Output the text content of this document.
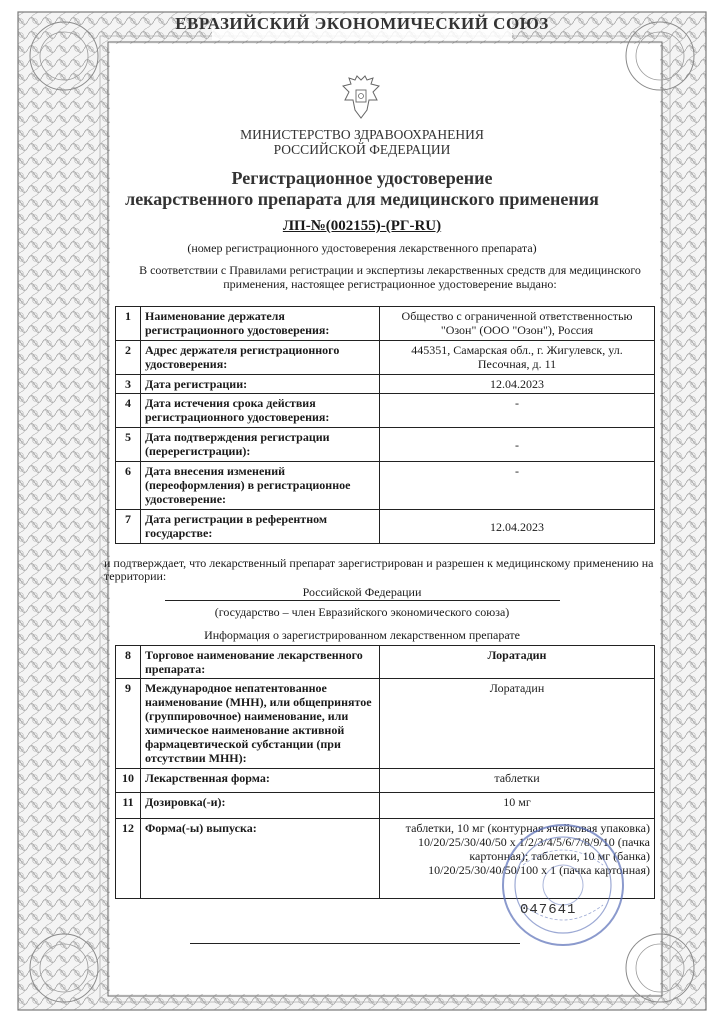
ЕВРАЗИЙСКИЙ ЭКОНОМИЧЕСКИЙ СОЮЗ
МИНИСТЕРСТВО ЗДРАВООХРАНЕНИЯ
РОССИЙСКОЙ ФЕДЕРАЦИИ
Регистрационное удостоверение
лекарственного препарата для медицинского применения
ЛП-№(002155)-(РГ-RU)
(номер регистрационного удостоверения лекарственного препарата)
В соответствии с Правилами регистрации и экспертизы лекарственных средств для медицинского применения, настоящее регистрационное удостоверение выдано:
1	Наименование держателя регистрационного удостоверения:	Общество с ограниченной ответственностью "Озон" (ООО "Озон"), Россия
2	Адрес держателя регистрационного удостоверения:	445351, Самарская обл., г. Жигулевск, ул. Песочная, д. 11
3	Дата регистрации:	12.04.2023
4	Дата истечения срока действия регистрационного удостоверения:	-
5	Дата подтверждения регистрации (перерегистрации):	-
6	Дата внесения изменений (переоформления) в регистрационное удостоверение:	-
7	Дата регистрации в референтном государстве:	12.04.2023
и подтверждает, что лекарственный препарат зарегистрирован и разрешен к медицинскому применению на территории:
Российской Федерации
(государство – член Евразийского экономического союза)
Информация о зарегистрированном лекарственном препарате
8	Торговое наименование лекарственного препарата:	Лоратадин
9	Международное непатентованное наименование (МНН), или общепринятое (группировочное) наименование, или химическое наименование активной фармацевтической субстанции (при отсутствии МНН):	Лоратадин
10	Лекарственная форма:	таблетки
11	Дозировка(-и):	10 мг
12	Форма(-ы) выпуска:	таблетки, 10 мг (контурная ячейковая упаковка) 10/20/25/30/40/50 х 1/2/3/4/5/6/7/8/9/10 (пачка картонная); таблетки, 10 мг (банка) 10/20/25/30/40/50/100 х 1 (пачка картонная)
047641
